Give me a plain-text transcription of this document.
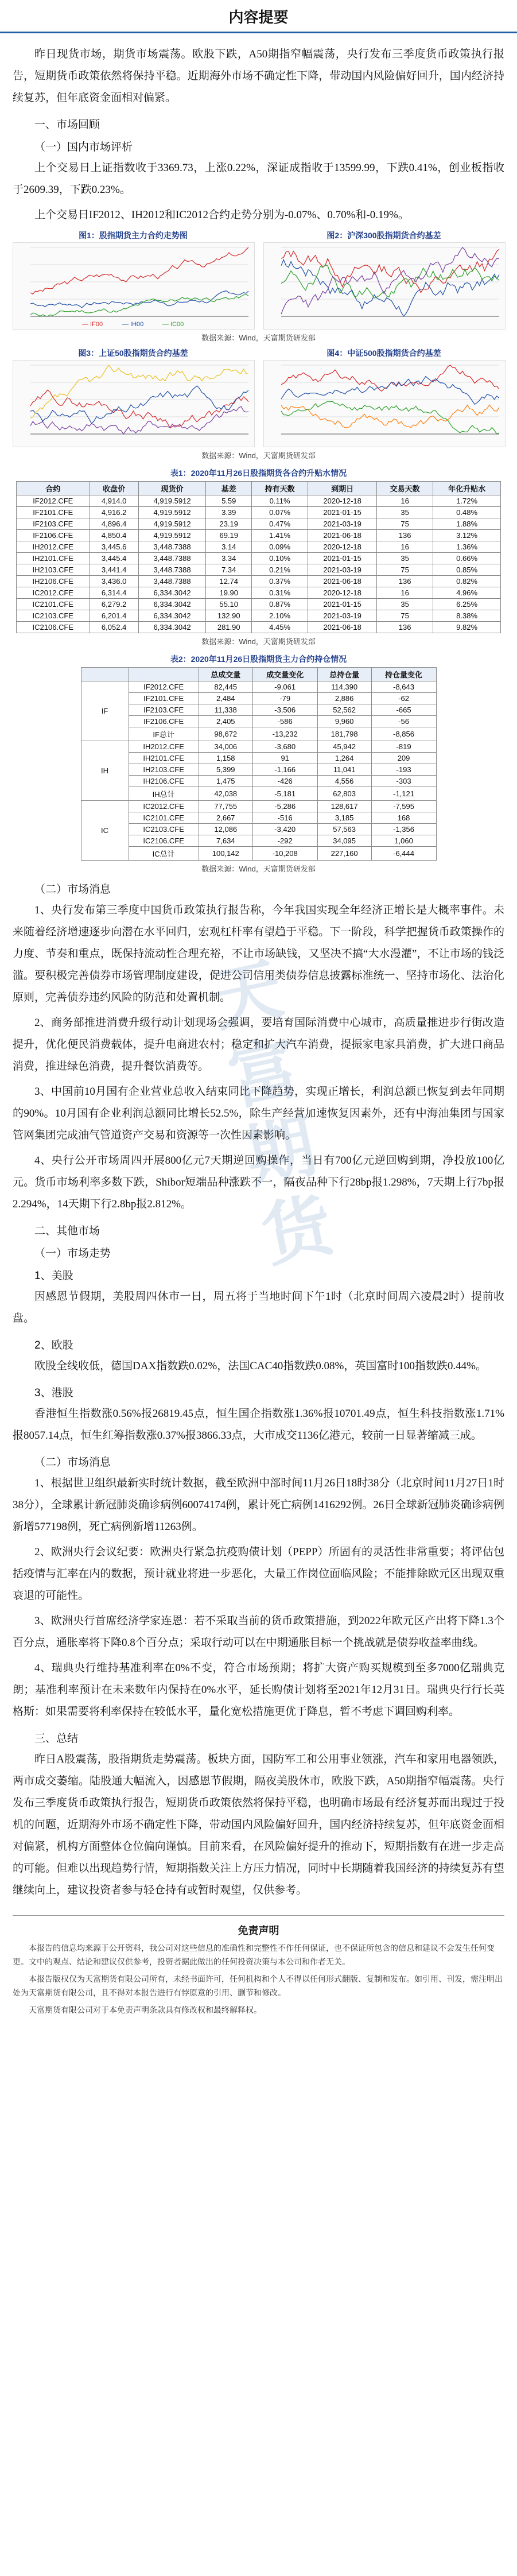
内容提要

昨日现货市场，期货市场震荡。欧股下跌，A50期指窄幅震荡，央行发布三季度货币政策执行报告，短期货币政策依然将保持平稳。近期海外市场不确定性下降，带动国内风险偏好回升，国内经济持续复苏，但年底资金面相对偏紧。

一、市场回顾
（一）国内市场评析

上个交易日上证指数收于3369.73，上涨0.22%，深证成指收于13599.99，下跌0.41%，创业板指收于2609.39，下跌0.23%。

上个交易日IF2012、IH2012和IC2012合约走势分别为-0.07%、0.70%和-0.19%。

图1：股指期货主力合约走势图
— IF00	— IH00	— IC00
图2：沪深300股指期货合约基差
数据来源：Wind，天富期货研发部
图3：上证50股指期货合约基差	图4：中证500股指期货合约基差
数据来源：Wind，天富期货研发部
表1：2020年11月26日股指期货各合约升贴水情况
合约	收盘价	现货价	基差	持有天数	到期日	交易天数	年化升贴水
IF2012.CFE	4,914.0	4,919.5912	5.59	0.11%	2020-12-18	16	1.72%
IF2101.CFE	4,916.2	4,919.5912	3.39	0.07%	2021-01-15	35	0.48%
IF2103.CFE	4,896.4	4,919.5912	23.19	0.47%	2021-03-19	75	1.88%
IF2106.CFE	4,850.4	4,919.5912	69.19	1.41%	2021-06-18	136	3.12%
IH2012.CFE	3,445.6	3,448.7388	3.14	0.09%	2020-12-18	16	1.36%
IH2101.CFE	3,445.4	3,448.7388	3.34	0.10%	2021-01-15	35	0.66%
IH2103.CFE	3,441.4	3,448.7388	7.34	0.21%	2021-03-19	75	0.85%
IH2106.CFE	3,436.0	3,448.7388	12.74	0.37%	2021-06-18	136	0.82%
IC2012.CFE	6,314.4	6,334.3042	19.90	0.31%	2020-12-18	16	4.96%
IC2101.CFE	6,279.2	6,334.3042	55.10	0.87%	2021-01-15	35	6.25%
IC2103.CFE	6,201.4	6,334.3042	132.90	2.10%	2021-03-19	75	8.38%
IC2106.CFE	6,052.4	6,334.3042	281.90	4.45%	2021-06-18	136	9.82%
数据来源：Wind，天富期货研发部
表2：2020年11月26日股指期货主力合约持仓情况
		总成交量	成交量变化	总持仓量	持仓量变化
IF	IF2012.CFE	82,445	-9,061	114,390	-8,643
	IF2101.CFE	2,484	-79	2,886	-62
	IF2103.CFE	11,338	-3,506	52,562	-665
	IF2106.CFE	2,405	-586	9,960	-56
	IF总计	98,672	-13,232	181,798	-8,856
IH	IH2012.CFE	34,006	-3,680	45,942	-819
	IH2101.CFE	1,158	91	1,264	209
	IH2103.CFE	5,399	-1,166	11,041	-193
	IH2106.CFE	1,475	-426	4,556	-303
	IH总计	42,038	-5,181	62,803	-1,121
IC	IC2012.CFE	77,755	-5,286	128,617	-7,595
	IC2101.CFE	2,667	-516	3,185	168
	IC2103.CFE	12,086	-3,420	57,563	-1,356
	IC2106.CFE	7,634	-292	34,095	1,060
	IC总计	100,142	-10,208	227,160	-6,444
数据来源：Wind，天富期货研发部
（二）市场消息

1、央行发布第三季度中国货币政策执行报告称，今年我国实现全年经济正增长是大概率事件。未来随着经济增速逐步向潜在水平回归，宏观杠杆率有望趋于平稳。下一阶段，科学把握货币政策操作的力度、节奏和重点，既保持流动性合理充裕，不让市场缺钱，又坚决不搞“大水漫灌”，不让市场的钱泛滥。要积极完善债券市场管理制度建设，促进公司信用类债券信息披露标准统一、坚持市场化、法治化原则，完善债券违约风险的防范和处置机制。

2、商务部推进消费升级行动计划现场会强调，要培育国际消费中心城市，高质量推进步行街改造提升，优化便民消费载体，提升电商进农村；稳定和扩大汽车消费，提振家电家具消费，扩大进口商品消费，推进绿色消费，提升餐饮消费等。

3、中国前10月国有企业营业总收入结束同比下降趋势，实现正增长，利润总额已恢复到去年同期的90%。10月国有企业利润总额同比增长52.5%，除生产经营加速恢复因素外，还有中海油集团与国家管网集团完成油气管道资产交易和资源等一次性因素影响。

4、央行公开市场周四开展800亿元7天期逆回购操作，当日有700亿元逆回购到期，净投放100亿元。货币市场利率多数下跌，Shibor短端品种涨跌不一，隔夜品种下行28bp报1.298%，7天期上行7bp报2.294%，14天期下行2.8bp报2.812%。

二、其他市场
（一）市场走势
1、美股

因感恩节假期，美股周四休市一日，周五将于当地时间下午1时（北京时间周六凌晨2时）提前收盘。

2、欧股

欧股全线收低，德国DAX指数跌0.02%，法国CAC40指数跌0.08%，英国富时100指数跌0.44%。

3、港股

香港恒生指数涨0.56%报26819.45点，恒生国企指数涨1.36%报10701.49点，恒生科技指数涨1.71%报8057.14点，恒生红筹指数涨0.37%报3866.33点，大市成交1136亿港元，较前一日显著缩减三成。

（二）市场消息

1、根据世卫组织最新实时统计数据，截至欧洲中部时间11月26日18时38分（北京时间11月27日1时38分），全球累计新冠肺炎确诊病例60074174例，累计死亡病例1416292例。26日全球新冠肺炎确诊病例新增577198例，死亡病例新增11263例。

2、欧洲央行会议纪要：欧洲央行紧急抗疫购债计划（PEPP）所固有的灵活性非常重要；将评估包括疫情与汇率在内的数据，预计就业将进一步恶化，大量工作岗位面临风险；不能排除欧元区出现双重衰退的可能性。

3、欧洲央行首席经济学家连恩：若不采取当前的货币政策措施，到2022年欧元区产出将下降1.3个百分点，通胀率将下降0.8个百分点；采取行动可以在中期通胀目标一个挑战就是债券收益率曲线。

4、瑞典央行维持基准利率在0%不变，符合市场预期；将扩大资产购买规模到至多7000亿瑞典克朗；基准利率预计在未来数年内保持在0%水平，延长购债计划将至2021年12月31日。瑞典央行行长英格斯：如果需要将利率保持在较低水平，量化宽松措施更优于降息，暂不考虑下调回购利率。

三、总结

昨日A股震荡，股指期货走势震荡。板块方面，国防军工和公用事业领涨，汽车和家用电器领跌，两市成交萎缩。陆股通大幅流入，因感恩节假期，隔夜美股休市，欧股下跌，A50期指窄幅震荡。央行发布三季度货币政策执行报告，短期货币政策依然将保持平稳，也明确市场最有经济复苏而出现过于投机的问题，近期海外市场不确定性下降，带动国内风险偏好回升，国内经济持续复苏，但年底资金面相对偏紧，机构方面整体仓位偏向谨慎。目前来看，在风险偏好提升的推动下，短期指数有在进一步走高的可能。但难以出现趋势行情，短期指数关注上方压力情况，同时中长期随着我国经济的持续复苏有望继续向上，建议投资者参与轻仓持有或暂时观望，仅供参考。

免责声明

本报告的信息均来源于公开资料，我公司对这些信息的准确性和完整性不作任何保证，也不保证所包含的信息和建议不会发生任何变更。文中的观点、结论和建议仅供参考，投资者据此做出的任何投资决策与本公司和作者无关。

本报告版权仅为天富期货有限公司所有，未经书面许可，任何机构和个人不得以任何形式翻版、复制和发布。如引用、刊发，需注明出处为天富期货有限公司，且不得对本报告进行有悖原意的引用、删节和修改。

天富期货有限公司对于本免责声明条款具有修改权和最终解释权。

天富期货
